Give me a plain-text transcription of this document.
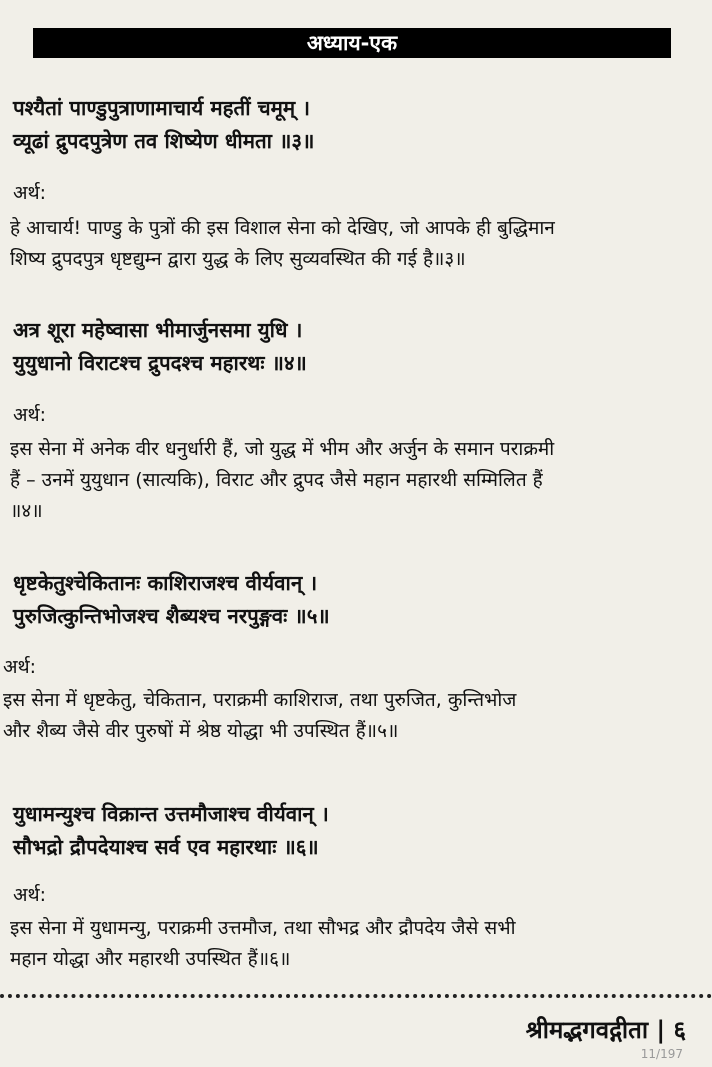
अध्याय-एक
पश्यैतां पाण्डुपुत्राणामाचार्य महतीं चमूम् ।
व्यूढां द्रुपदपुत्रेण तव शिष्येण धीमता ॥३॥
अर्थ:
हे आचार्य! पाण्डु के पुत्रों की इस विशाल सेना को देखिए, जो आपके ही बुद्धिमान
शिष्य द्रुपदपुत्र धृष्टद्युम्न द्वारा युद्ध के लिए सुव्यवस्थित की गई है॥३॥
अत्र शूरा महेष्वासा भीमार्जुनसमा युधि ।
युयुधानो विराटश्च द्रुपदश्च महारथः ॥४॥
अर्थ:
इस सेना में अनेक वीर धनुर्धारी हैं, जो युद्ध में भीम और अर्जुन के समान पराक्रमी
हैं – उनमें युयुधान (सात्यकि), विराट और द्रुपद जैसे महान महारथी सम्मिलित हैं
॥४॥
धृष्टकेतुश्चेकितानः काशिराजश्च वीर्यवान् ।
पुरुजित्कुन्तिभोजश्च शैब्यश्च नरपुङ्गवः ॥५॥
अर्थ:
इस सेना में धृष्टकेतु, चेकितान, पराक्रमी काशिराज, तथा पुरुजित, कुन्तिभोज
और शैब्य जैसे वीर पुरुषों में श्रेष्ठ योद्धा भी उपस्थित हैं॥५॥
युधामन्युश्च विक्रान्त उत्तमौजाश्च वीर्यवान् ।
सौभद्रो द्रौपदेयाश्च सर्व एव महारथाः ॥६॥
अर्थ:
इस सेना में युधामन्यु, पराक्रमी उत्तमौज, तथा सौभद्र और द्रौपदेय जैसे सभी
महान योद्धा और महारथी उपस्थित हैं॥६॥
श्रीमद्भगवद्गीता | ६
11/197
